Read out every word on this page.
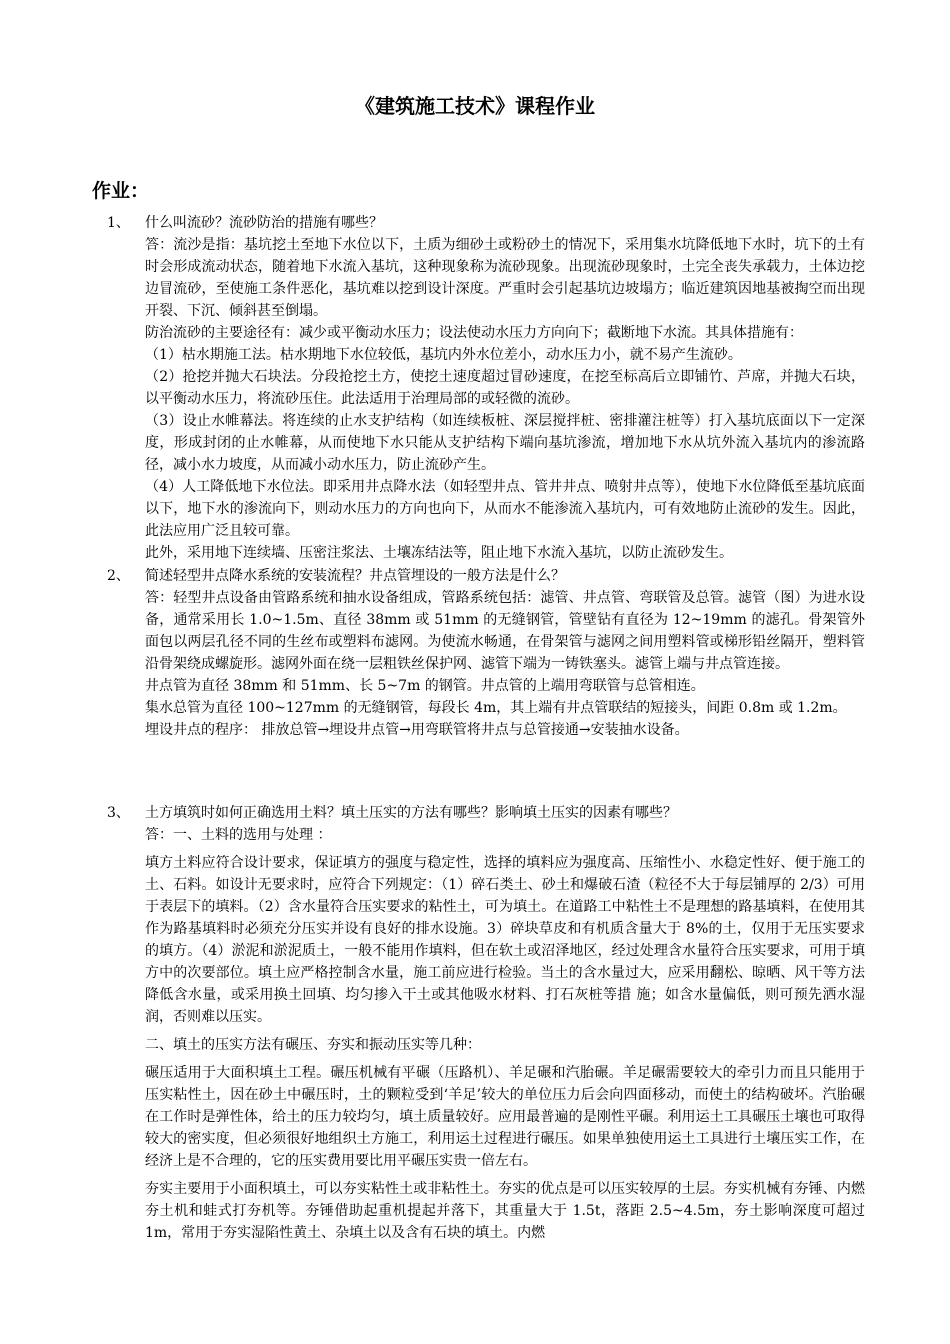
《建筑施工技术》课程作业
作业：
1、 什么叫流砂？流砂防治的措施有哪些？

答：流沙是指：基坑挖土至地下水位以下，土质为细砂土或粉砂土的情况下，采用集水坑降低地下水时，坑下的土有时会形成流动状态，随着地下水流入基坑，这种现象称为流砂现象。出现流砂现象时，土完全丧失承载力，土体边挖边冒流砂，至使施工条件恶化，基坑难以挖到设计深度。严重时会引起基坑边坡塌方；临近建筑因地基被掏空而出现开裂、下沉、倾斜甚至倒塌。

防治流砂的主要途径有：减少或平衡动水压力；设法使动水压力方向向下；截断地下水流。其具体措施有：

（1）枯水期施工法。枯水期地下水位较低，基坑内外水位差小，动水压力小，就不易产生流砂。

（2）抢挖并抛大石块法。分段抢挖土方，使挖土速度超过冒砂速度，在挖至标高后立即铺竹、芦席，并抛大石块，以平衡动水压力，将流砂压住。此法适用于治理局部的或轻微的流砂。

（3）设止水帷幕法。将连续的止水支护结构（如连续板桩、深层搅拌桩、密排灌注桩等）打入基坑底面以下一定深度，形成封闭的止水帷幕，从而使地下水只能从支护结构下端向基坑渗流，增加地下水从坑外流入基坑内的渗流路径，减小水力坡度，从而减小动水压力，防止流砂产生。

（4）人工降低地下水位法。即采用井点降水法（如轻型井点、管井井点、喷射井点等），使地下水位降低至基坑底面以下，地下水的渗流向下，则动水压力的方向也向下，从而水不能渗流入基坑内，可有效地防止流砂的发生。因此，此法应用广泛且较可靠。

此外，采用地下连续墙、压密注浆法、土壤冻结法等，阻止地下水流入基坑，以防止流砂发生。

2、 简述轻型井点降水系统的安装流程？井点管埋设的一般方法是什么？

答：轻型井点设备由管路系统和抽水设备组成，管路系统包括：滤管、井点管、弯联管及总管。滤管（图）为进水设备，通常采用长 1.0~1.5m、直径 38mm 或 51mm 的无缝钢管，管壁钻有直径为 12~19mm 的滤孔。骨架管外面包以两层孔径不同的生丝布或塑料布滤网。为使流水畅通，在骨架管与滤网之间用塑料管或梯形铅丝隔开，塑料管沿骨架绕成螺旋形。滤网外面在绕一层粗铁丝保护网、滤管下端为一铸铁塞头。滤管上端与井点管连接。

井点管为直径 38mm 和 51mm、长 5~7m 的钢管。井点管的上端用弯联管与总管相连。

集水总管为直径 100~127mm 的无缝钢管，每段长 4m，其上端有井点管联结的短接头，间距 0.8m 或 1.2m。

埋设井点的程序： 排放总管→埋设井点管→用弯联管将井点与总管接通→安装抽水设备。

3、 土方填筑时如何正确选用土料？填土压实的方法有哪些？影响填土压实的因素有哪些？

答：一、土料的选用与处理 ：

填方土料应符合设计要求，保证填方的强度与稳定性，选择的填料应为强度高、压缩性小、水稳定性好、便于施工的土、石料。如设计无要求时，应符合下列规定：（1）碎石类土、砂土和爆破石渣（粒径不大于每层铺厚的 2/3）可用于表层下的填料。（2）含水量符合压实要求的粘性土，可为填土。在道路工中粘性土不是理想的路基填料，在使用其作为路基填料时必须充分压实并设有良好的排水设施。3）碎块草皮和有机质含量大于 8%的土，仅用于无压实要求的填方。（4）淤泥和淤泥质土，一般不能用作填料，但在软土或沼泽地区，经过处理含水量符合压实要求，可用于填方中的次要部位。填土应严格控制含水量，施工前应进行检验。当土的含水量过大，应采用翻松、晾晒、风干等方法降低含水量，或采用换土回填、均匀掺入干土或其他吸水材料、打石灰桩等措 施；如含水量偏低，则可预先洒水湿润，否则难以压实。

二、填土的压实方法有碾压、夯实和振动压实等几种：

碾压适用于大面积填土工程。碾压机械有平碾（压路机）、羊足碾和汽胎碾。羊足碾需要较大的牵引力而且只能用于压实粘性土，因在砂土中碾压时，土的颗粒受到‘羊足’较大的单位压力后会向四面移动，而使土的结构破坏。汽胎碾在工作时是弹性体，给土的压力较均匀，填土质量较好。应用最普遍的是刚性平碾。利用运土工具碾压土壤也可取得较大的密实度，但必须很好地组织土方施工，利用运土过程进行碾压。如果单独使用运土工具进行土壤压实工作，在经济上是不合理的，它的压实费用要比用平碾压实贵一倍左右。

夯实主要用于小面积填土，可以夯实粘性土或非粘性土。夯实的优点是可以压实较厚的土层。夯实机械有夯锤、内燃夯土机和蛙式打夯机等。夯锤借助起重机提起并落下，其重量大于 1.5t，落距 2.5~4.5m，夯土影响深度可超过 1m，常用于夯实湿陷性黄土、杂填土以及含有石块的填土。内燃
